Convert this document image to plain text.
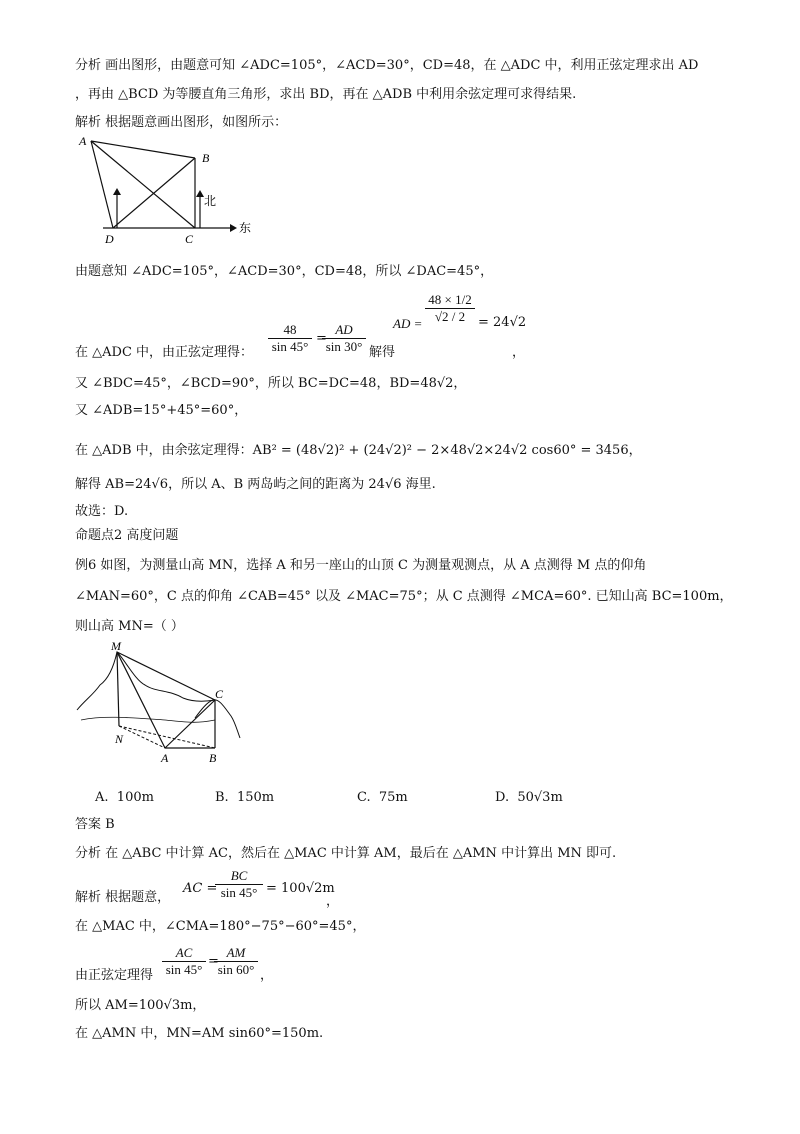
分析 画出图形，由题意可知 ∠ADC=105°，∠ACD=30°，CD=48，在 △ADC 中，利用正弦定理求出 AD
，再由 △BCD 为等腰直角三角形，求出 BD，再在 △ADB 中利用余弦定理可求得结果.
解析 根据题意画出图形，如图所示：
A
B
D	C
北
东
由题意知 ∠ADC=105°，∠ACD=30°，CD=48，所以 ∠DAC=45°，
AD = $\frac{48 \times 1/2}{√2 / 2} = 24√2$
，
在 △ADC 中，由正弦定理得： $\frac{48}{\sin 45^\circ}$ =
$\frac{AD}{\sin 30^\circ}$ 解得
又 ∠BDC=45°，∠BCD=90°，所以 BC=DC=48，BD=48√2，
又 ∠ADB=15°+45°=60°，
在 △ADB 中，由余弦定理得：AB² = (48√2)² + (24√2)² − 2×48√2×24√2 cos60° = 3456，
解得 AB=24√6，所以 A、B 两岛屿之间的距离为 24√6 海里.
故选：D.
命题点2 高度问题
例6 如图，为测量山高 MN，选择 A 和另一座山的山顶 C 为测量观测点，从 A 点测得 M 点的仰角
∠MAN=60°，C 点的仰角 ∠CAB=45° 以及 ∠MAC=75°；从 C 点测得 ∠MCA=60°. 已知山高 BC=100m，
则山高 MN=（ ）
M
N
A	B
C
A. 100m	B. 150m	C. 75m	D. 50√3m
答案 B
分析 在 △ABC 中计算 AC，然后在 △MAC 中计算 AM，最后在 △AMN 中计算出 MN 即可.
解析 根据题意，
AC =
$\frac{BC}{\sin 45^\circ} = 100√2m$
，
在 △MAC 中，∠CMA=180°−75°−60°=45°，
由正弦定理得 $\frac{AC}{\sin 45^\circ}$ =
$\frac{AM}{\sin 60^\circ}$ ，
所以 AM=100√3m，
在 △AMN 中，MN=AM sin60°=150m.
